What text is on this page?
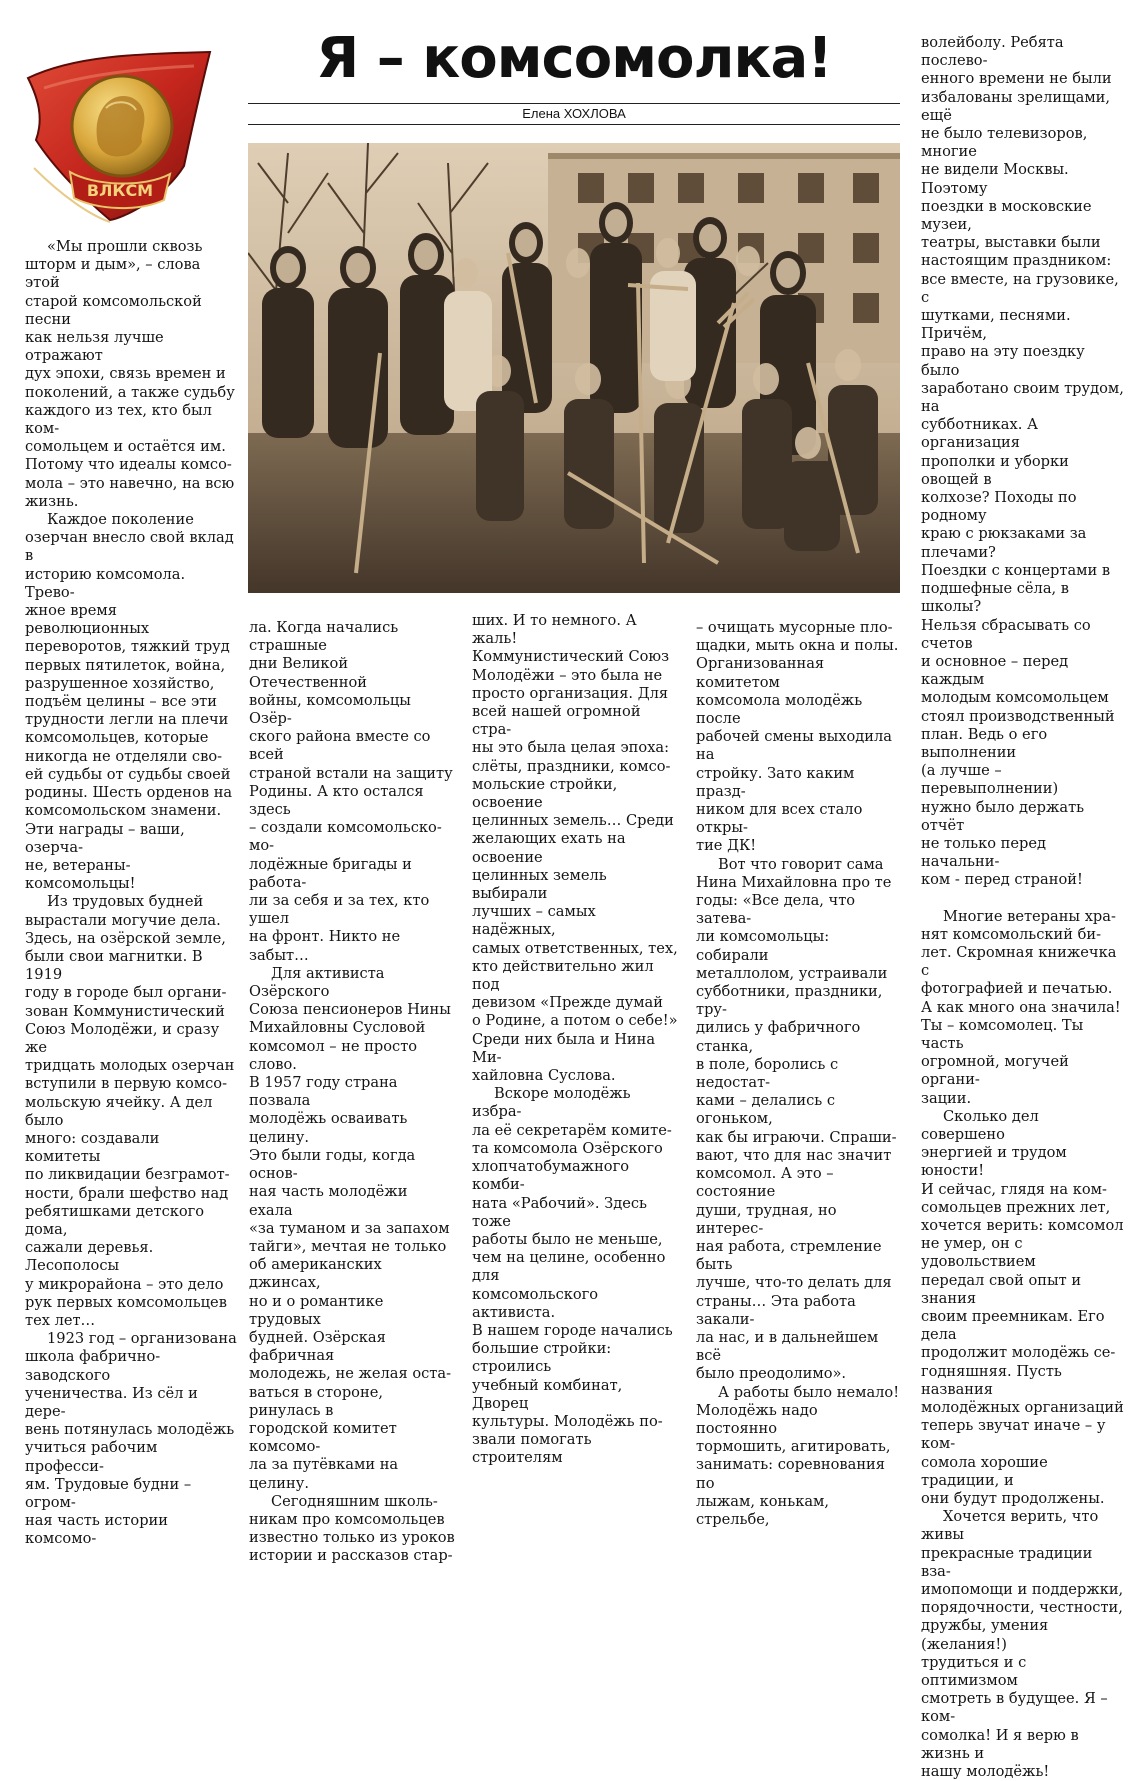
ВЛКСМ
Я – комсомолка!
Елена ХОХЛОВА

«Мы прошли сквозь

шторм и дым», – слова этой

старой комсомольской песни

как нельзя лучше отражают

дух эпохи, связь времен и

поколений, а также судьбу

каждого из тех, кто был ком-

сомольцем и остаётся им.

Потому что идеалы комсо-

мола – это навечно, на всю

жизнь.

Каждое поколение

озерчан внесло свой вклад в

историю комсомола. Трево-

жное время революционных

переворотов, тяжкий труд

первых пятилеток, война,

разрушенное хозяйство,

подъём целины – все эти

трудности легли на плечи

комсомольцев, которые

никогда не отделяли сво-

ей судьбы от судьбы своей

родины. Шесть орденов на

комсомольском знамени.

Эти награды – ваши, озерча-

не, ветераны-комсомольцы!

Из трудовых будней

вырастали могучие дела.

Здесь, на озёрской земле,

были свои магнитки. В 1919

году в городе был органи-

зован Коммунистический

Союз Молодёжи, и сразу же

тридцать молодых озерчан

вступили в первую комсо-

мольскую ячейку. А дел было

много: создавали комитеты

по ликвидации безграмот-

ности, брали шефство над

ребятишками детского дома,

сажали деревья. Лесополосы

у микрорайона – это дело

рук первых комсомольцев

тех лет…

1923 год – организована

школа фабрично-заводского

ученичества. Из сёл и дере-

вень потянулась молодёжь

учиться рабочим професси-

ям. Трудовые будни – огром-

ная часть истории комсомо-

ла. Когда начались страшные

дни Великой Отечественной

войны, комсомольцы Озёр-

ского района вместе со всей

страной встали на защиту

Родины. А кто остался здесь

– создали комсомольско-мо-

лодёжные бригады и работа-

ли за себя и за тех, кто ушел

на фронт. Никто не забыт…

Для активиста Озёрского

Союза пенсионеров Нины

Михайловны Сусловой

комсомол – не просто слово.

В 1957 году страна позвала

молодёжь осваивать целину.

Это были годы, когда основ-

ная часть молодёжи ехала

«за туманом и за запахом

тайги», мечтая не только

об американских джинсах,

но и о романтике трудовых

будней. Озёрская фабричная

молодежь, не желая оста-

ваться в стороне, ринулась в

городской комитет комсомо-

ла за путёвками на целину.

Сегодняшним школь-

никам про комсомольцев

известно только из уроков

истории и рассказов стар-

ших. И то немного. А жаль!

Коммунистический Союз

Молодёжи – это была не

просто организация. Для

всей нашей огромной стра-

ны это была целая эпоха:

слёты, праздники, комсо-

мольские стройки, освоение

целинных земель… Среди

желающих ехать на освоение

целинных земель выбирали

лучших – самых надёжных,

самых ответственных, тех,

кто действительно жил под

девизом «Прежде думай

о Родине, а потом о себе!»

Среди них была и Нина Ми-

хайловна Суслова.

Вскоре молодёжь избра-

ла её секретарём комите-

та комсомола Озёрского

хлопчатобумажного комби-

ната «Рабочий». Здесь тоже

работы было не меньше,

чем на целине, особенно для

комсомольского активиста.

В нашем городе начались

большие стройки: строились

учебный комбинат, Дворец

культуры. Молодёжь по-

звали помогать строителям

– очищать мусорные пло-

щадки, мыть окна и полы.

Организованная комитетом

комсомола молодёжь после

рабочей смены выходила на

стройку. Зато каким празд-

ником для всех стало откры-

тие ДК!

Вот что говорит сама

Нина Михайловна про те

годы: «Все дела, что затева-

ли комсомольцы: собирали

металлолом, устраивали

субботники, праздники, тру-

дились у фабричного станка,

в поле, боролись с недостат-

ками – делались с огоньком,

как бы играючи. Спраши-

вают, что для нас значит

комсомол. А это – состояние

души, трудная, но интерес-

ная работа, стремление быть

лучше, что-то делать для

страны… Эта работа закали-

ла нас, и в дальнейшем всё

было преодолимо».

А работы было немало!

Молодёжь надо постоянно

тормошить, агитировать,

занимать: соревнования по

лыжам, конькам, стрельбе,

волейболу. Ребята послево-

енного времени не были

избалованы зрелищами, ещё

не было телевизоров, многие

не видели Москвы. Поэтому

поездки в московские музеи,

театры, выставки были

настоящим праздником:

все вместе, на грузовике, с

шутками, песнями. Причём,

право на эту поездку было

заработано своим трудом, на

субботниках. А организация

прополки и уборки овощей в

колхозе? Походы по родному

краю с рюкзаками за плечами?

Поездки с концертами в

подшефные сёла, в школы?

Нельзя сбрасывать со счетов

и основное – перед каждым

молодым комсомольцем

стоял производственный

план. Ведь о его выполнении

(а лучше – перевыполнении)

нужно было держать отчёт

не только перед начальни-

ком - перед страной!

Многие ветераны хра-

нят комсомольский би-

лет. Скромная книжечка с

фотографией и печатью.

А как много она значила!

Ты – комсомолец. Ты часть

огромной, могучей органи-

зации.

Сколько дел совершено

энергией и трудом юности!

И сейчас, глядя на ком-

сомольцев прежних лет,

хочется верить: комсомол

не умер, он с удовольствием

передал свой опыт и знания

своим преемникам. Его дела

продолжит молодёжь се-

годняшняя. Пусть названия

молодёжных организаций

теперь звучат иначе – у ком-

сомола хорошие традиции, и

они будут продолжены.

Хочется верить, что живы

прекрасные традиции вза-

имопомощи и поддержки,

порядочности, честности,

дружбы, умения (желания!)

трудиться и с оптимизмом

смотреть в будущее. Я – ком-

сомолка! И я верю в жизнь и

нашу молодёжь!
